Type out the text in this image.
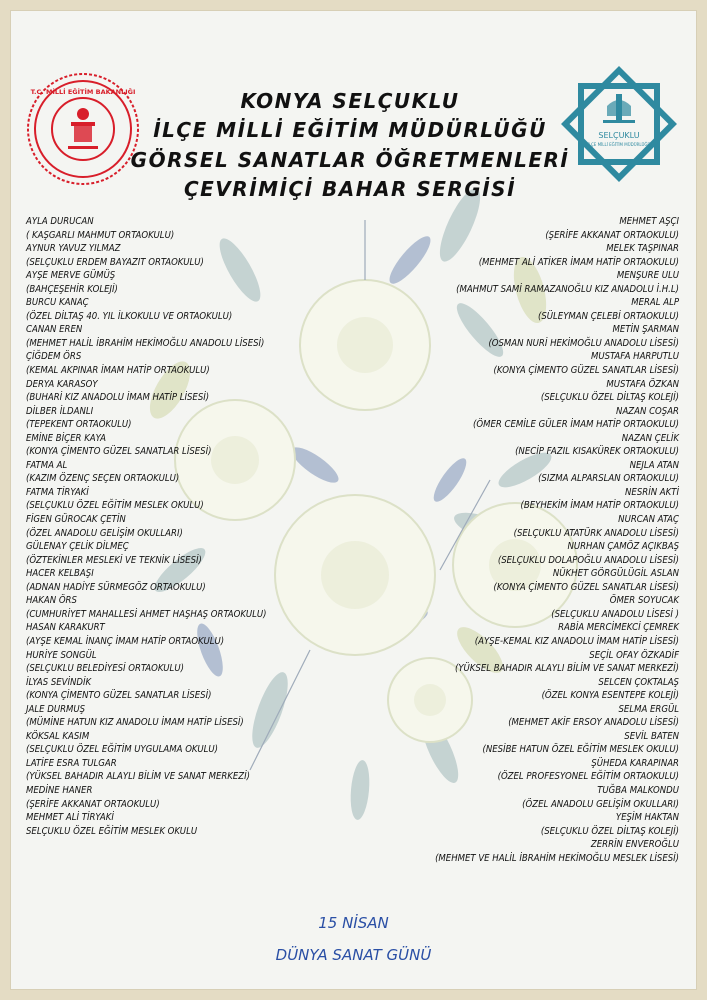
T.C. MİLLİ EĞİTİM BAKANLIĞI
SELÇUKLU
İLÇE MİLLİ EĞİTİM MÜDÜRLÜĞÜ
KONYA SELÇUKLU
İLÇE MİLLİ EĞİTİM MÜDÜRLÜĞÜ
GÖRSEL SANATLAR ÖĞRETMENLERİ
ÇEVRİMİÇİ BAHAR SERGİSİ
AYLA DURUCAN
( KAŞGARLI MAHMUT ORTAOKULU)
AYNUR YAVUZ YILMAZ
(SELÇUKLU ERDEM BAYAZIT ORTAOKULU)
AYŞE MERVE GÜMÜŞ
(BAHÇEŞEHİR KOLEJİ)
BURCU KANAÇ
(ÖZEL DİLTAŞ 40. YIL İLKOKULU VE ORTAOKULU)
CANAN EREN
(MEHMET HALİL İBRAHİM HEKİMOĞLU ANADOLU LİSESİ)
ÇİĞDEM ÖRS
(KEMAL AKPINAR İMAM HATİP ORTAOKULU)
DERYA KARASOY
(BUHARİ KIZ ANADOLU İMAM HATİP LİSESİ)
DİLBER İLDANLI
(TEPEKENT ORTAOKULU)
EMİNE BİÇER KAYA
(KONYA ÇİMENTO GÜZEL SANATLAR LİSESİ)
FATMA AL
(KAZIM ÖZENÇ SEÇEN ORTAOKULU)
FATMA TİRYAKİ
(SELÇUKLU ÖZEL EĞİTİM MESLEK OKULU)
FİGEN GÜROCAK ÇETİN
(ÖZEL ANADOLU GELİŞİM OKULLARI)
GÜLENAY ÇELİK DİLMEÇ
(ÖZTEKİNLER MESLEKİ VE TEKNİK LİSESİ)
HACER KELBAŞI
(ADNAN HADİYE SÜRMEGÖZ ORTAOKULU)
HAKAN ÖRS
(CUMHURİYET MAHALLESİ AHMET HAŞHAŞ ORTAOKULU)
HASAN KARAKURT
(AYŞE KEMAL İNANÇ İMAM HATİP ORTAOKULU)
HURİYE SONGÜL
(SELÇUKLU BELEDİYESİ ORTAOKULU)
İLYAS SEVİNDİK
(KONYA ÇİMENTO GÜZEL SANATLAR LİSESİ)
JALE DURMUŞ
(MÜMİNE HATUN KIZ ANADOLU İMAM HATİP LİSESİ)
KÖKSAL KASIM
(SELÇUKLU ÖZEL EĞİTİM UYGULAMA OKULU)
LATİFE ESRA TULGAR
(YÜKSEL BAHADIR ALAYLI BİLİM VE SANAT MERKEZİ)
MEDİNE HANER
(ŞERİFE AKKANAT ORTAOKULU)
MEHMET ALİ TİRYAKİ
SELÇUKLU ÖZEL EĞİTİM MESLEK OKULU
MEHMET AŞÇI
(ŞERİFE AKKANAT ORTAOKULU)
MELEK TAŞPINAR
(MEHMET ALİ ATİKER İMAM HATİP ORTAOKULU)
MENŞURE ULU
(MAHMUT SAMİ RAMAZANOĞLU KIZ ANADOLU İ.H.L)
MERAL ALP
(SÜLEYMAN ÇELEBİ ORTAOKULU)
METİN ŞARMAN
(OSMAN NURİ HEKİMOĞLU ANADOLU LİSESİ)
MUSTAFA HARPUTLU
(KONYA ÇİMENTO GÜZEL SANATLAR LİSESİ)
MUSTAFA ÖZKAN
(SELÇUKLU ÖZEL DİLTAŞ KOLEJİ)
NAZAN COŞAR
(ÖMER CEMİLE GÜLER İMAM HATİP ORTAOKULU)
NAZAN ÇELİK
(NECİP FAZIL KISAKÜREK ORTAOKULU)
NEJLA ATAN
(SIZMA ALPARSLAN ORTAOKULU)
NESRİN AKTİ
(BEYHEKİM İMAM HATİP ORTAOKULU)
NURCAN ATAÇ
(SELÇUKLU ATATÜRK ANADOLU LİSESİ)
NURHAN ÇAMÖZ AÇIKBAŞ
(SELÇUKLU DOLAPOĞLU ANADOLU LİSESİ)
NÜKHET GÖRGÜLÜGİL ASLAN
(KONYA ÇİMENTO GÜZEL SANATLAR LİSESİ)
ÖMER SOYUCAK
(SELÇUKLU ANADOLU LİSESİ )
RABİA MERCİMEKCİ ÇEMREK
(AYŞE-KEMAL KIZ ANADOLU İMAM HATİP LİSESİ)
SEÇİL OFAY ÖZKADİF
(YÜKSEL BAHADIR ALAYLI BİLİM VE SANAT MERKEZİ)
SELCEN ÇOKTALAŞ
(ÖZEL KONYA ESENTEPE KOLEJİ)
SELMA ERGÜL
(MEHMET AKİF ERSOY ANADOLU LİSESİ)
SEVİL BATEN
(NESİBE HATUN ÖZEL EĞİTİM MESLEK OKULU)
ŞÜHEDA KARAPINAR
(ÖZEL PROFESYONEL EĞİTİM ORTAOKULU)
TUĞBA MALKONDU
(ÖZEL ANADOLU GELİŞİM OKULLARI)
YEŞİM HAKTAN
(SELÇUKLU ÖZEL DİLTAŞ KOLEJİ)
ZERRİN ENVEROĞLU
(MEHMET VE HALİL İBRAHİM HEKİMOĞLU MESLEK LİSESİ)
15 NİSAN
DÜNYA SANAT GÜNÜ
